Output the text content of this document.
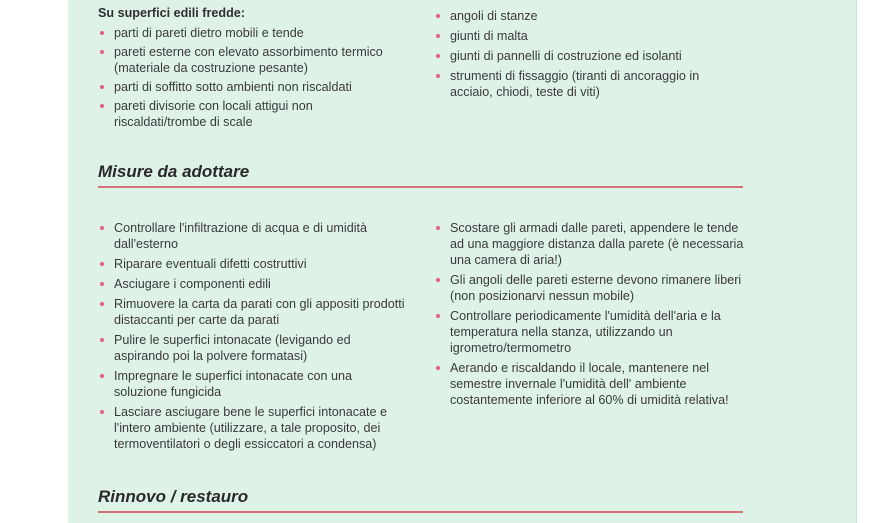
Su superfici edili fredde:

parti di pareti dietro mobili e tende
pareti esterne con elevato assorbimento termico (materiale da costruzione pesante)
parti di soffitto sotto ambienti non riscaldati
pareti divisorie con locali attigui non riscaldati/trombe di scale
angoli di stanze
giunti di malta
giunti di pannelli di costruzione ed isolanti
strumenti di fissaggio (tiranti di ancoraggio in acciaio, chiodi, teste di viti)
Misure da adottare
Controllare l'infiltrazione di acqua e di umidità dall'esterno
Riparare eventuali difetti costruttivi
Asciugare i componenti edili
Rimuovere la carta da parati con gli appositi prodotti distaccanti per carte da parati
Pulire le superfici intonacate (levigando ed aspirando poi la polvere formatasi)
Impregnare le superfici intonacate con una soluzione fungicida
Lasciare asciugare bene le superfici intonacate e l'intero ambiente (utilizzare, a tale proposito, dei termoventilatori o degli essiccatori a condensa)
Scostare gli armadi dalle pareti, appendere le tende ad una maggiore distanza dalla parete (è necessaria una camera di aria!)
Gli angoli delle pareti esterne devono rimanere liberi (non posizionarvi nessun mobile)
Controllare periodicamente l'umidità dell'aria e la temperatura nella stanza, utilizzando un igrometro/termometro
Aerando e riscaldando il locale, mantenere nel semestre invernale l'umidità dell' ambiente costantemente inferiore al 60% di umidità relativa!
Rinnovo / restauro
